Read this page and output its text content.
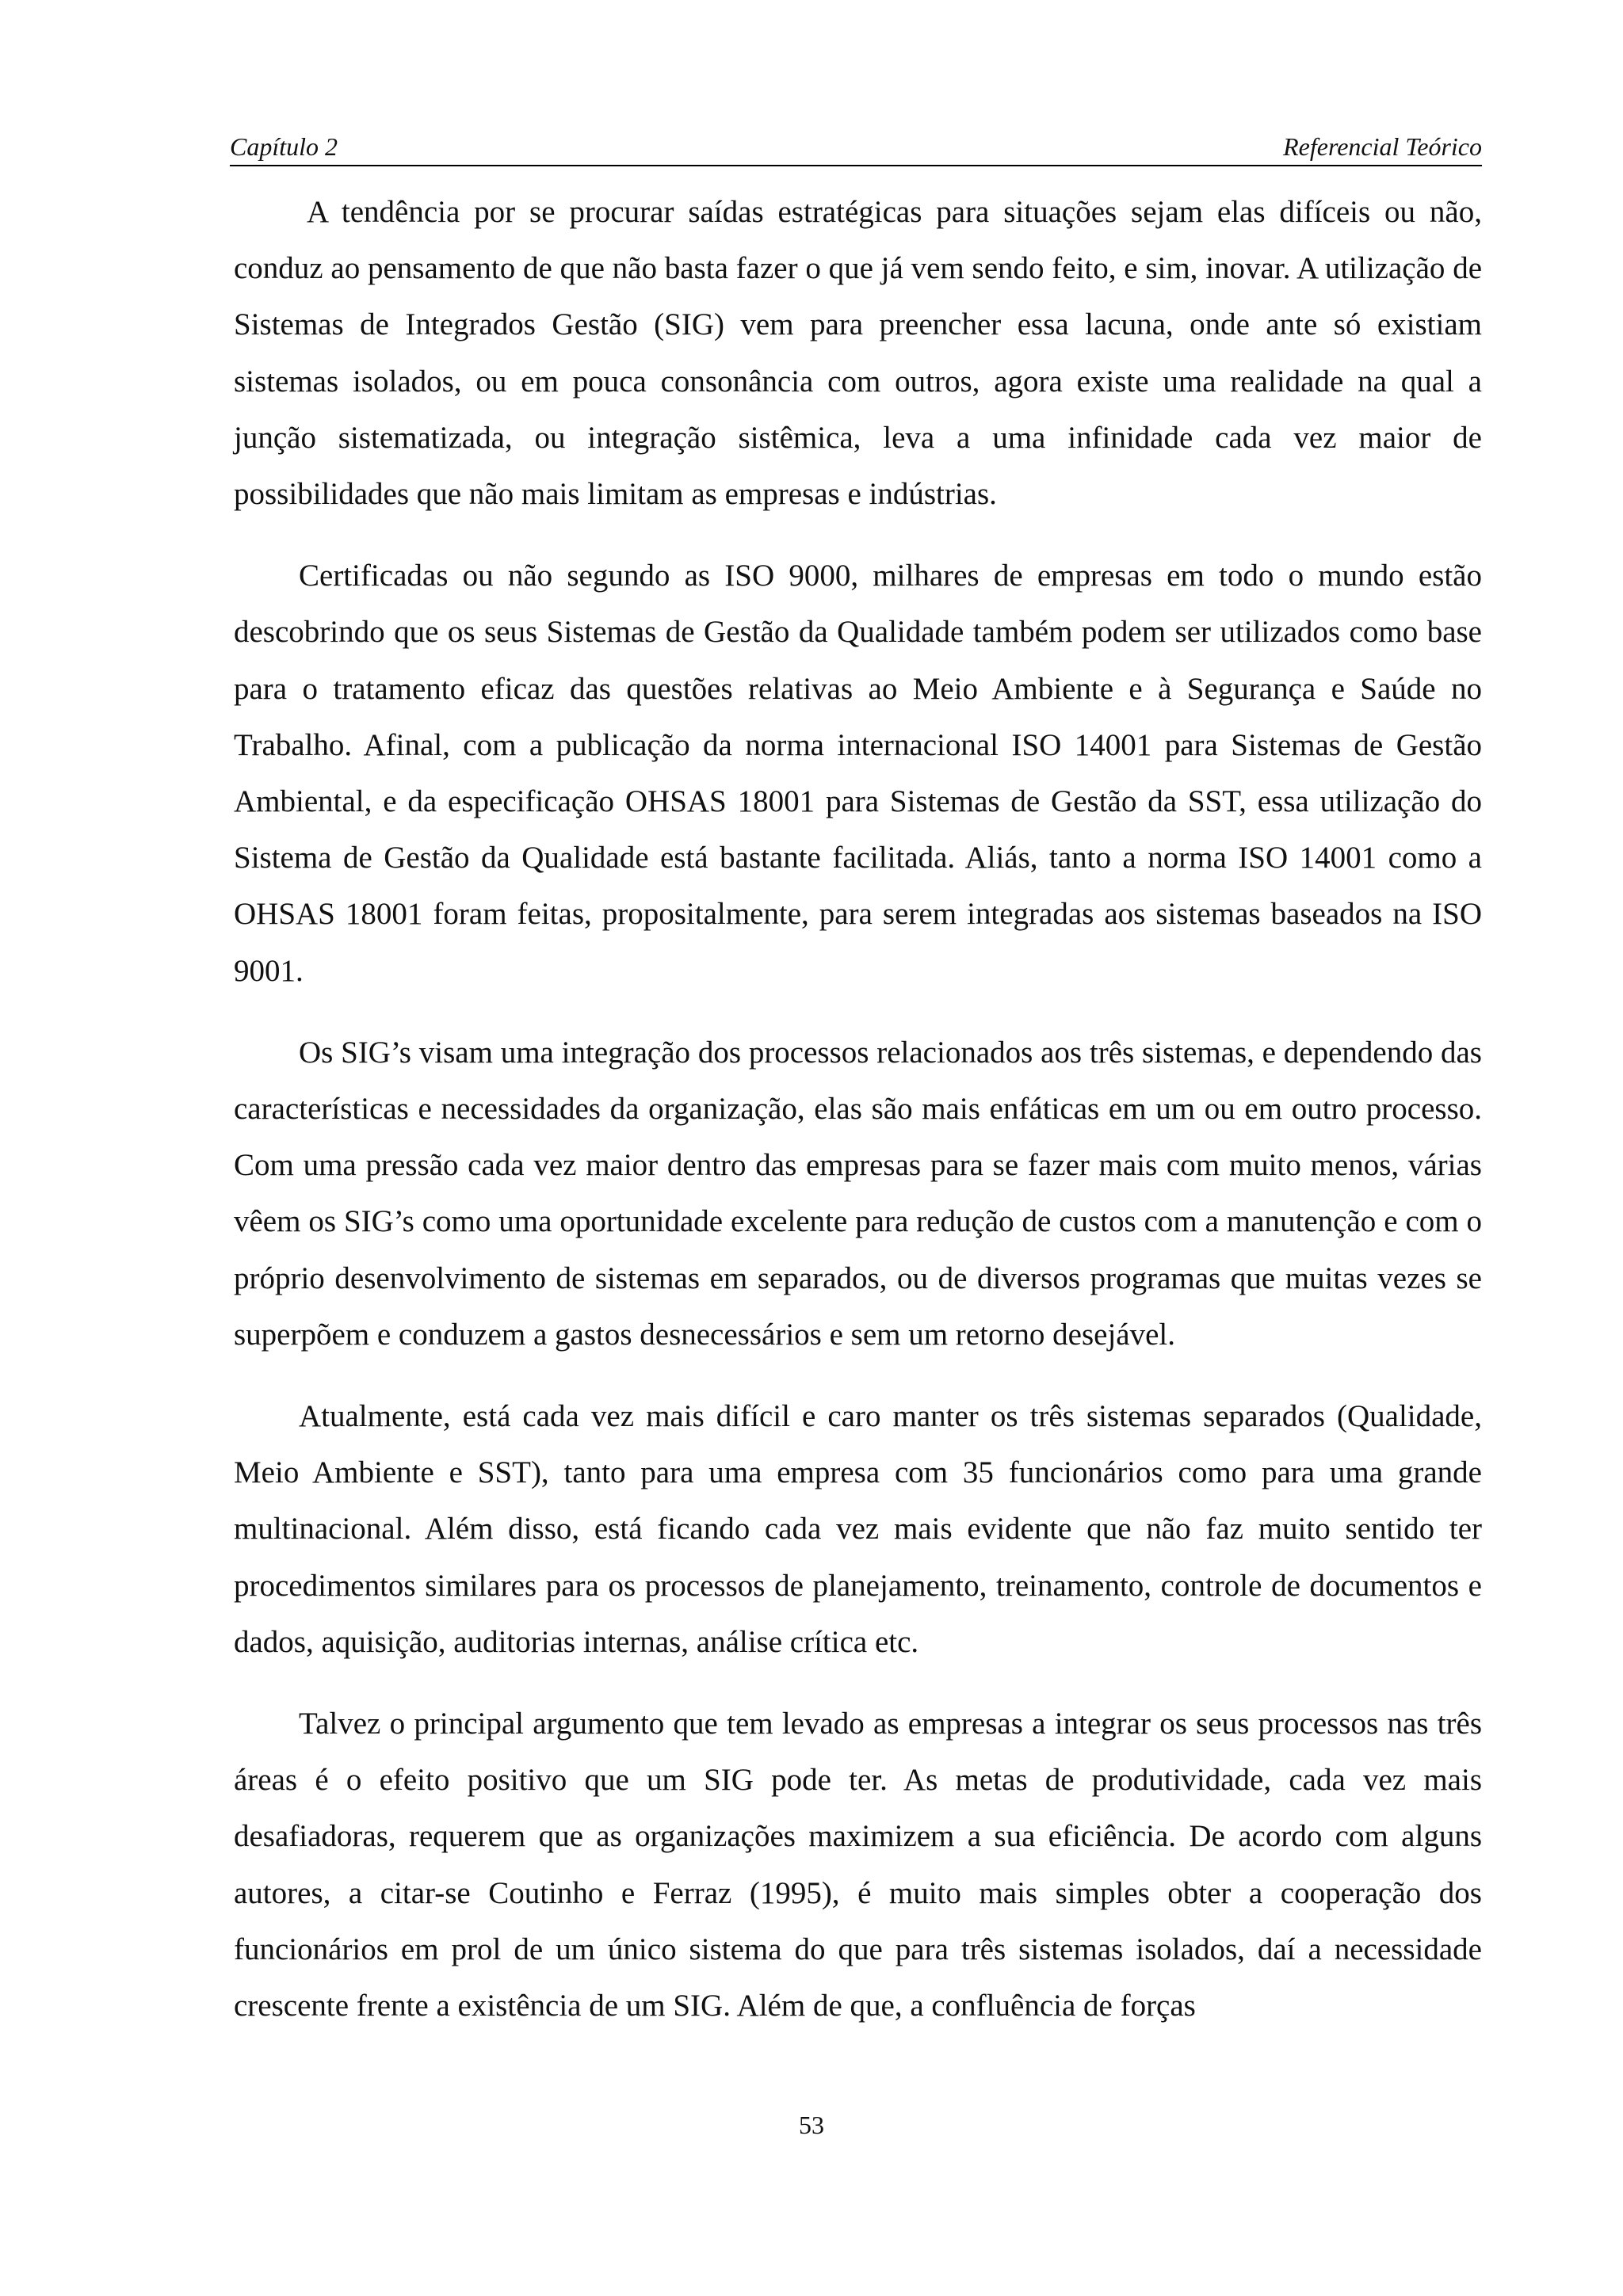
Capítulo 2	Referencial Teórico

A tendência por se procurar saídas estratégicas para situações sejam elas difíceis ou não, conduz ao pensamento de que não basta fazer o que já vem sendo feito, e sim, inovar. A utilização de Sistemas de Integrados Gestão (SIG) vem para preencher essa lacuna, onde ante só existiam sistemas isolados, ou em pouca consonância com outros, agora existe uma realidade na qual a junção sistematizada, ou integração sistêmica, leva a uma infinidade cada vez maior de possibilidades que não mais limitam as empresas e indústrias.

Certificadas ou não segundo as ISO 9000, milhares de empresas em todo o mundo estão descobrindo que os seus Sistemas de Gestão da Qualidade também podem ser utilizados como base para o tratamento eficaz das questões relativas ao Meio Ambiente e à Segurança e Saúde no Trabalho. Afinal, com a publicação da norma internacional ISO 14001 para Sistemas de Gestão Ambiental, e da especificação OHSAS 18001 para Sistemas de Gestão da SST, essa utilização do Sistema de Gestão da Qualidade está bastante facilitada. Aliás, tanto a norma ISO 14001 como a OHSAS 18001 foram feitas, propositalmente, para serem integradas aos sistemas baseados na ISO 9001.

Os SIG’s visam uma integração dos processos relacionados aos três sistemas, e dependendo das características e necessidades da organização, elas são mais enfáticas em um ou em outro processo. Com uma pressão cada vez maior dentro das empresas para se fazer mais com muito menos, várias vêem os SIG’s como uma oportunidade excelente para redução de custos com a manutenção e com o próprio desenvolvimento de sistemas em separados, ou de diversos programas que muitas vezes se superpõem e conduzem a gastos desnecessários e sem um retorno desejável.

Atualmente, está cada vez mais difícil e caro manter os três sistemas separados (Qualidade, Meio Ambiente e SST), tanto para uma empresa com 35 funcionários como para uma grande multinacional. Além disso, está ficando cada vez mais evidente que não faz muito sentido ter procedimentos similares para os processos de planejamento, treinamento, controle de documentos e dados, aquisição, auditorias internas, análise crítica etc.

Talvez o principal argumento que tem levado as empresas a integrar os seus processos nas três áreas é o efeito positivo que um SIG pode ter. As metas de produtividade, cada vez mais desafiadoras, requerem que as organizações maximizem a sua eficiência. De acordo com alguns autores, a citar-se Coutinho e Ferraz (1995), é muito mais simples obter a cooperação dos funcionários em prol de um único sistema do que para três sistemas isolados, daí a necessidade crescente frente a existência de um SIG. Além de que, a confluência de forças

53
